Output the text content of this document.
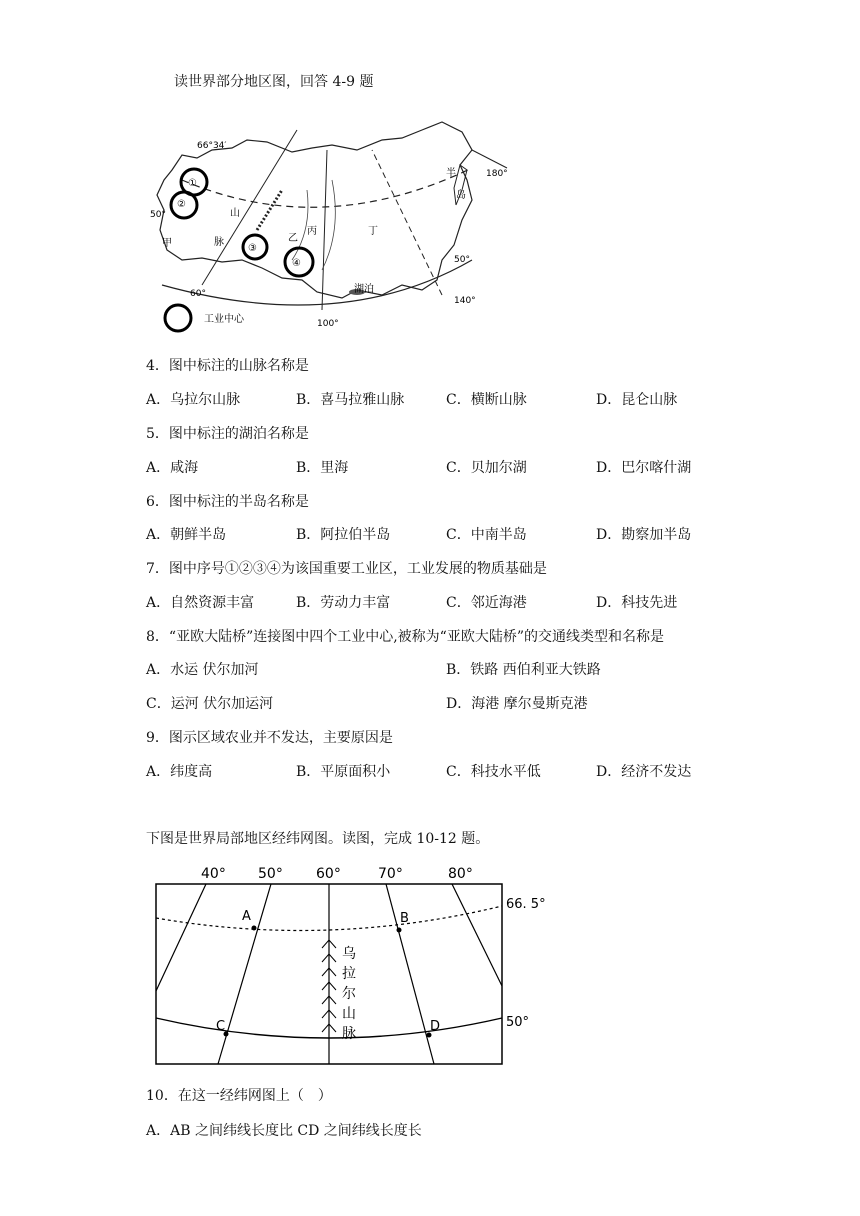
读世界部分地区图，回答 4-9 题
66°34′
50°
60°
100°
140°
180°
50°
山
脉
甲	乙
丙	丁
半
岛
湖泊
①
②
③
④
工业中心
4．图中标注的山脉名称是
A．乌拉尔山脉	B．喜马拉雅山脉	C．横断山脉	D．昆仑山脉
5．图中标注的湖泊名称是
A．咸海	B．里海	C．贝加尔湖	D．巴尔喀什湖
6．图中标注的半岛名称是
A．朝鲜半岛	B．阿拉伯半岛	C．中南半岛	D．勘察加半岛
7．图中序号①②③④为该国重要工业区，工业发展的物质基础是
A．自然资源丰富	B．劳动力丰富	C．邻近海港	D．科技先进
8．“亚欧大陆桥”连接图中四个工业中心,被称为“亚欧大陆桥”的交通线类型和名称是
A．水运 伏尔加河	B．铁路 西伯利亚大铁路
C．运河 伏尔加运河	D．海港 摩尔曼斯克港
9．图示区域农业并不发达，主要原因是
A．纬度高	B．平原面积小	C．科技水平低	D．经济不发达
下图是世界局部地区经纬网图。读图，完成 10-12 题。
40° 50° 60°	70°	80°
66. 5°
50°
A	B
C	D
乌
拉
尔
山
脉
10．在这一经纬网图上（　）
A．AB 之间纬线长度比 CD 之间纬线长度长
